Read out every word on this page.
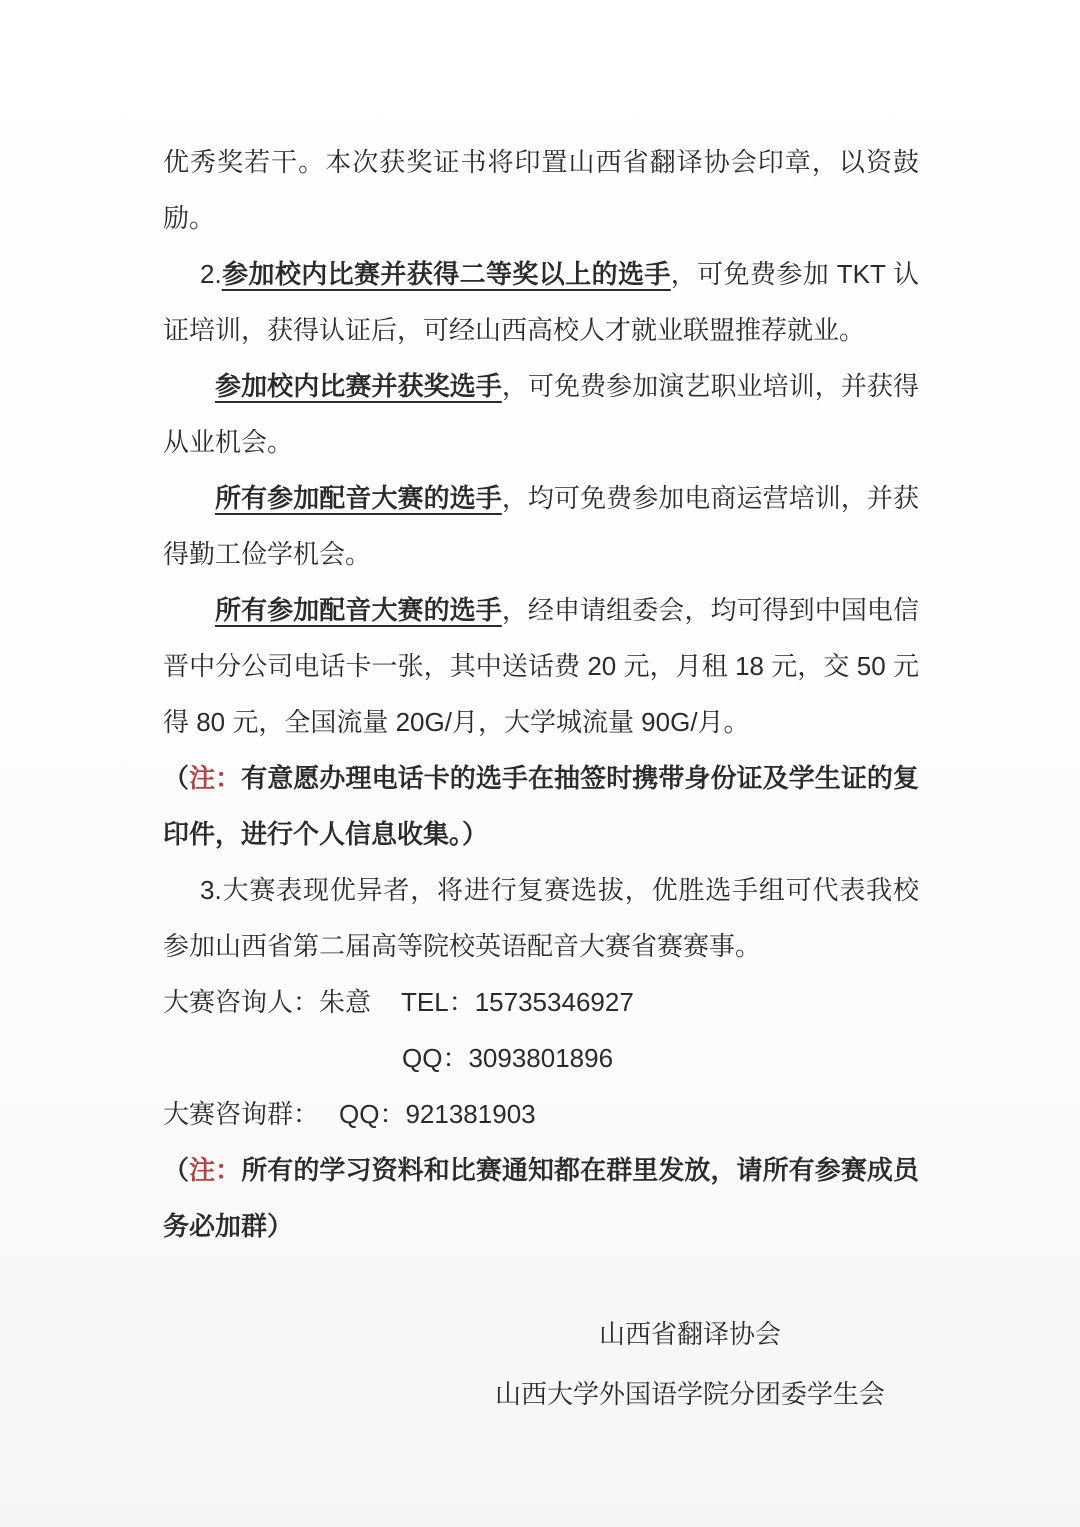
优秀奖若干。本次获奖证书将印置山西省翻译协会印章，以资鼓励。

2.参加校内比赛并获得二等奖以上的选手，可免费参加 TKT 认证培训，获得认证后，可经山西高校人才就业联盟推荐就业。

参加校内比赛并获奖选手，可免费参加演艺职业培训，并获得从业机会。

所有参加配音大赛的选手，均可免费参加电商运营培训，并获得勤工俭学机会。

所有参加配音大赛的选手，经申请组委会，均可得到中国电信晋中分公司电话卡一张，其中送话费 20 元，月租 18 元，交 50 元得 80 元，全国流量 20G/月，大学城流量 90G/月。

（注：有意愿办理电话卡的选手在抽签时携带身份证及学生证的复印件，进行个人信息收集。）

3.大赛表现优异者，将进行复赛选拔，优胜选手组可代表我校参加山西省第二届高等院校英语配音大赛省赛赛事。

大赛咨询人：朱意 TEL：15735346927

QQ：3093801896

大赛咨询群： QQ：921381903

（注：所有的学习资料和比赛通知都在群里发放，请所有参赛成员务必加群）

山西省翻译协会

山西大学外国语学院分团委学生会
